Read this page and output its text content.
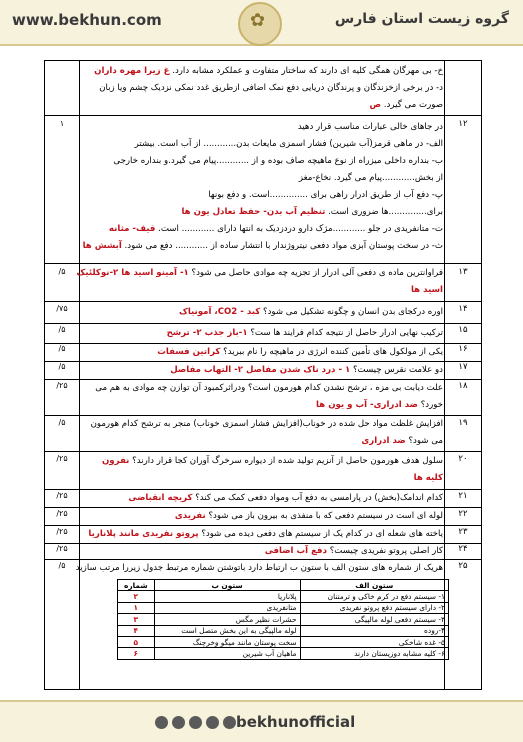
www.bekhun.com	✿	گروه زیست استان فارس
خ- بی مهرگان همگی کلیه ای دارند که ساختار متفاوت و عملکرد مشابه دارد. غ زیرا مهره داران
د- در برخی ازخزندگان و پرندگان دریایی دفع نمک اضافی ازطریق غدد نمکی نزدیک چشم ویا زبان
صورت می گیرد. ص
۱۲
۱	در جاهای خالی عبارات مناسب قرار دهید
الف- در ماهی قرمز(آب شیرین) فشار اسمزی مایعات بدن............ از آب است. بیشتر
ب- بنداره داخلی میزراه از نوع ماهیچه صاف بوده و از ............پیام می گیرد.و بنداره خارجی
از بخش............پیام می گیرد. نخاع-مغز
پ- دفع آب از طریق ادرار راهی برای ..............است. و دفع بونها
برای..............ها ضروری است. تنظیم آب بدن- حفظ تعادل یون ها
ت- متانفریدی در جلو ............مژک دارو دردزدیک به انتها دارای ............ است. قیف- مثانه
ث- در سخت پوستان آبزی مواد دفعی نیتروژندار با انتشار ساده از ............ دفع می شود. آبشش ها
۱۳
/۵	فراوانترین ماده ی دفعی آلی ادرار از تجزیه چه موادی حاصل می شود؟ ۱- آمینو اسید ها ۲-نوکلئیک
اسید ها
۱۴
/۷۵	اوره درکجای بدن انسان و چگونه تشکیل می شود؟ کبد - CO2، آمونیاک
۱۵
/۵	ترکیب نهایی ادرار حاصل از نتیجه کدام فرایند ها ست؟ ۱-باز جذب ۲- ترشح
۱۶
/۵	یکی از مولکول های تأمین کننده انرژی در ماهیچه را نام ببرید؟ کراتین فسفات
۱۷
/۵	دو علامت نقرس چیست؟ ۱ - درد ناک شدن مفاصل ۲- التهاب مفاصل
۱۸
/۲۵	علت دیابت بی مزه ، ترشح نشدن کدام هورمون است؟ ودراثرکمبود آن توازن چه موادی به هم می
خورد؟ ضد ادراری- آب و یون ها
۱۹
/۵	افزایش غلظت مواد حل شده در خوناب(افزایش فشار اسمزی خوناب) منجر به ترشح کدام هورمون
می شود؟ ضد ادراری
۲۰
/۲۵	سلول هدف هورمون حاصل از آنزیم تولید شده از دیواره سرخرگ آوران کجا قرار دارند؟ نفرون
کلیه ها
۲۱
/۲۵	کدام اندامک(بخش) در پارامسی به دفع آب ومواد دفعی کمک می کند؟ کریچه انقباضی
۲۲
/۲۵	لوله ای است در سیستم دفعی که با منفذی به بیرون باز می شود؟ نفریدی
۲۳
/۲۵	یاخته های شعله ای در کدام یک از سیستم های دفعی دیده می شود؟ پروتو نفریدی مانند پلاناریا
۲۴
/۲۵	کار اصلی پروتو نفریدی چیست؟ دفع آب اضافی
۲۵
/۵	هریک از شماره های ستون الف با ستون ب ارتباط دارد باتوشتن شماره مرتبط جدول زیررا مرتب سازید
ستون الف	ستون ب	شماره
۱- سیستم دفع در کرم خاکی و ترمتنان	پلاناریا	۲
۲- دارای سیستم دفع پروتو نفریدی	متانفریدی	۱
۳- سیستم دفعی لوله مالپیگی	حشرات نظیر مگس	۳
۴-روده	لوله مالپیگی به این بخش متصل است	۴
۵- غده شاخکی	سخت پوستان مانند میگو وخرچنگ	۵
۶- کلیه مشابه دوزیستان دارند	ماهیان آب شیرین	۶
bekhunofficial
